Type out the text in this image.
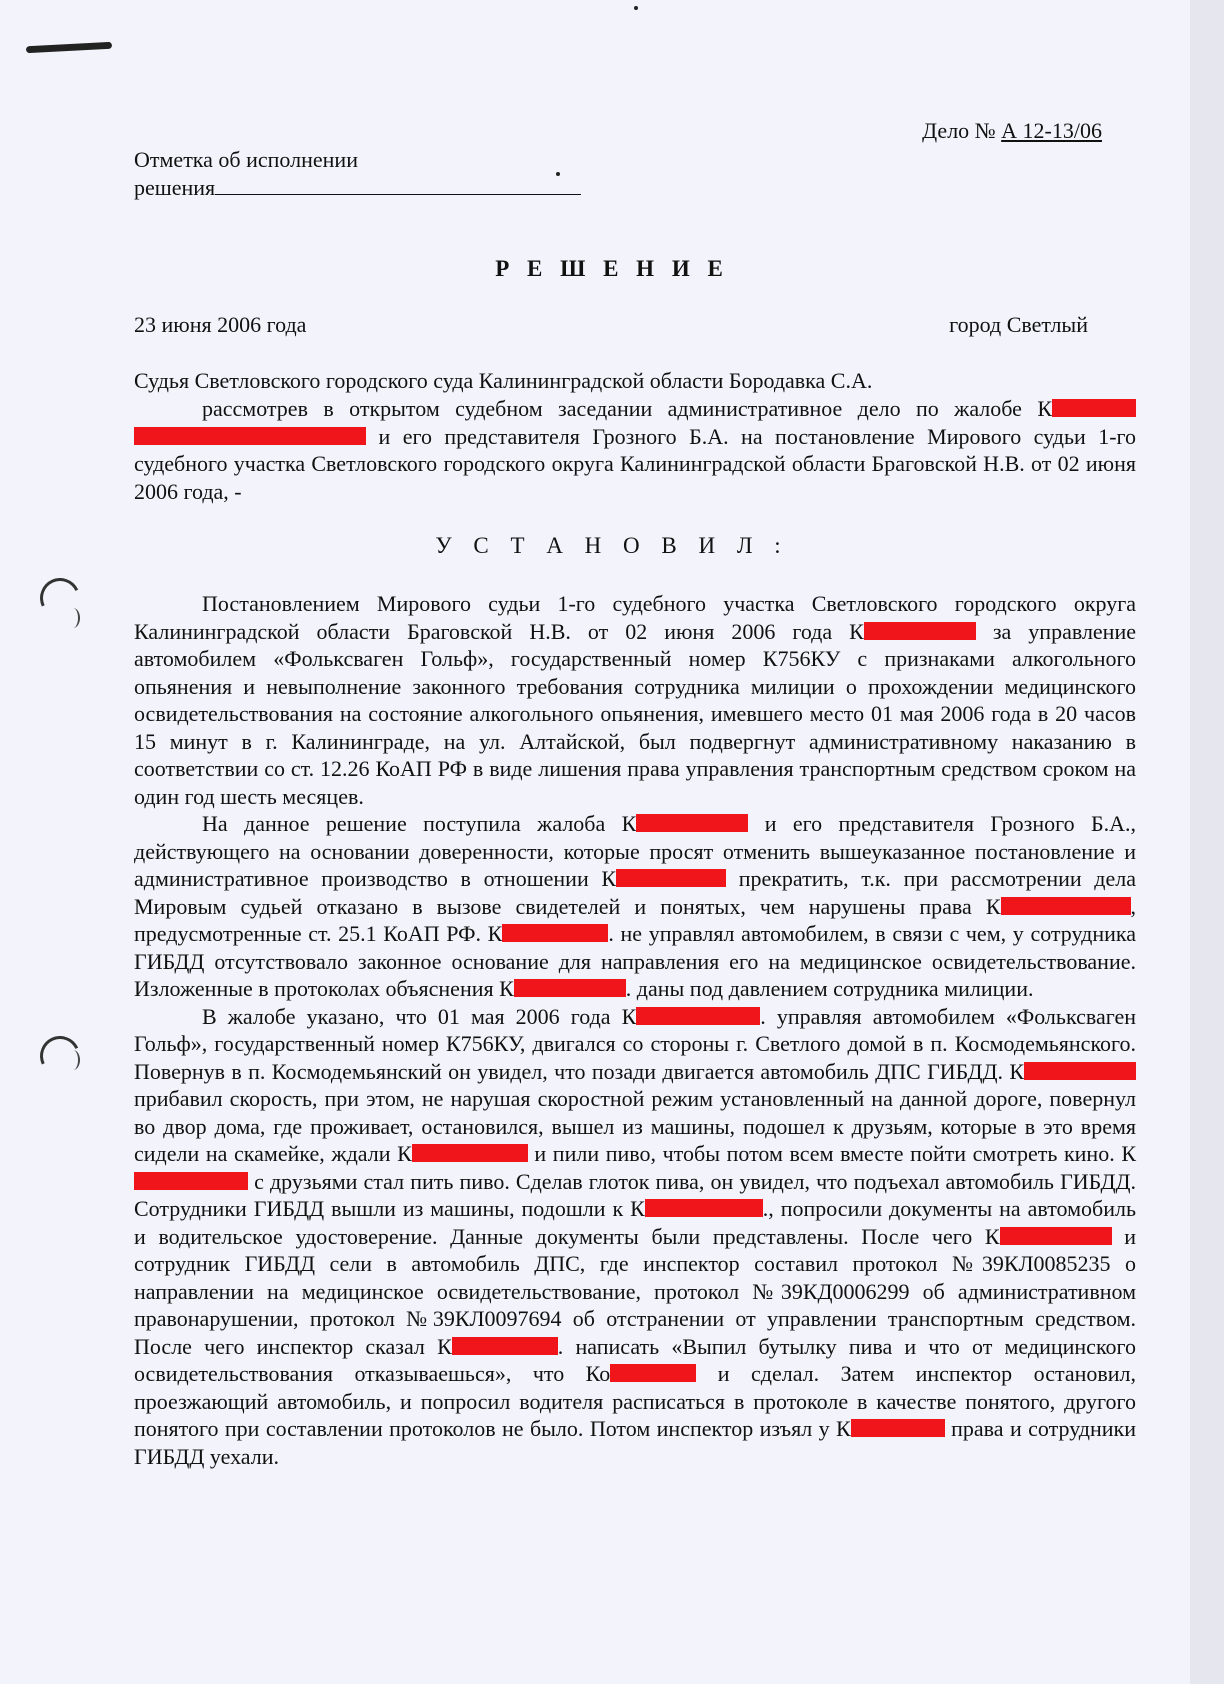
Дело № А 12-13/06
Отметка об исполнении
решения
Р Е Ш Е Н И Е
23 июня 2006 года	город Светлый
Судья Светловского городского суда Калининградской области Бородавка С.А.

рассмотрев в открытом судебном заседании административное дело по жалобе К  и его представителя Грозного Б.А. на постановление Мирового судьи 1-го судебного участка Светловского городского округа Калининградской области Браговской Н.В. от 02 июня 2006 года, -

У С Т А Н О В И Л :

Постановлением Мирового судьи 1-го судебного участка Светловского городского округа Калининградской области Браговской Н.В. от 02 июня 2006 года К	за управление автомобилем «Фольксваген Гольф», государственный номер К756КУ с признаками алкогольного опьянения и невыполнение законного требования сотрудника милиции о прохождении медицинского освидетельствования на состояние алкогольного опьянения, имевшего место 01 мая 2006 года в 20 часов 15 минут в г. Калининграде, на ул. Алтайской, был подвергнут административному наказанию в соответствии со ст. 12.26 КоАП РФ в виде лишения права управления транспортным средством сроком на один год шесть месяцев.

На данное решение поступила жалоба К	и его представителя Грозного Б.А., действующего на основании доверенности, которые просят отменить вышеуказанное постановление и административное производство в отношении К	прекратить, т.к. при рассмотрении дела Мировым судьей отказано в вызове свидетелей и понятых, чем нарушены права К	, предусмотренные ст. 25.1 КоАП РФ. К	. не управлял автомобилем, в связи с чем, у сотрудника ГИБДД отсутствовало законное основание для направления его на медицинское освидетельствование. Изложенные в протоколах объяснения К	. даны под давлением сотрудника милиции.

В жалобе указано, что 01 мая 2006 года К	. управляя автомобилем «Фольксваген Гольф», государственный номер К756КУ, двигался со стороны г. Светлого домой в п. Космодемьянского. Повернув в п. Космодемьянский он увидел, что позади двигается автомобиль ДПС ГИБДД. К прибавил скорость, при этом, не нарушая скоростной режим установленный на данной дороге, повернул во двор дома, где проживает, остановился, вышел из машины, подошел к друзьям, которые в это время сидели на скамейке, ждали К	и пили пиво, чтобы потом всем вместе пойти смотреть кино. К с друзьями стал пить пиво. Сделав глоток пива, он увидел, что подъехал автомобиль ГИБДД. Сотрудники ГИБДД вышли из машины, подошли к К	., попросили документы на автомобиль и водительское удостоверение. Данные документы были представлены. После чего К	и сотрудник ГИБДД сели в автомобиль ДПС, где инспектор составил протокол №39КЛ0085235 о направлении на медицинское освидетельствование, протокол №39КД0006299 об административном правонарушении, протокол №39КЛ0097694 об отстранении от управлении транспортным средством. После чего инспектор сказал К	. написать «Выпил бутылку пива и что от медицинского освидетельствования отказываешься», что Ко	и сделал. Затем инспектор остановил, проезжающий автомобиль, и попросил водителя расписаться в протоколе в качестве понятого, другого понятого при составлении протоколов не было. Потом инспектор изъял у К	права и сотрудники ГИБДД уехали.
